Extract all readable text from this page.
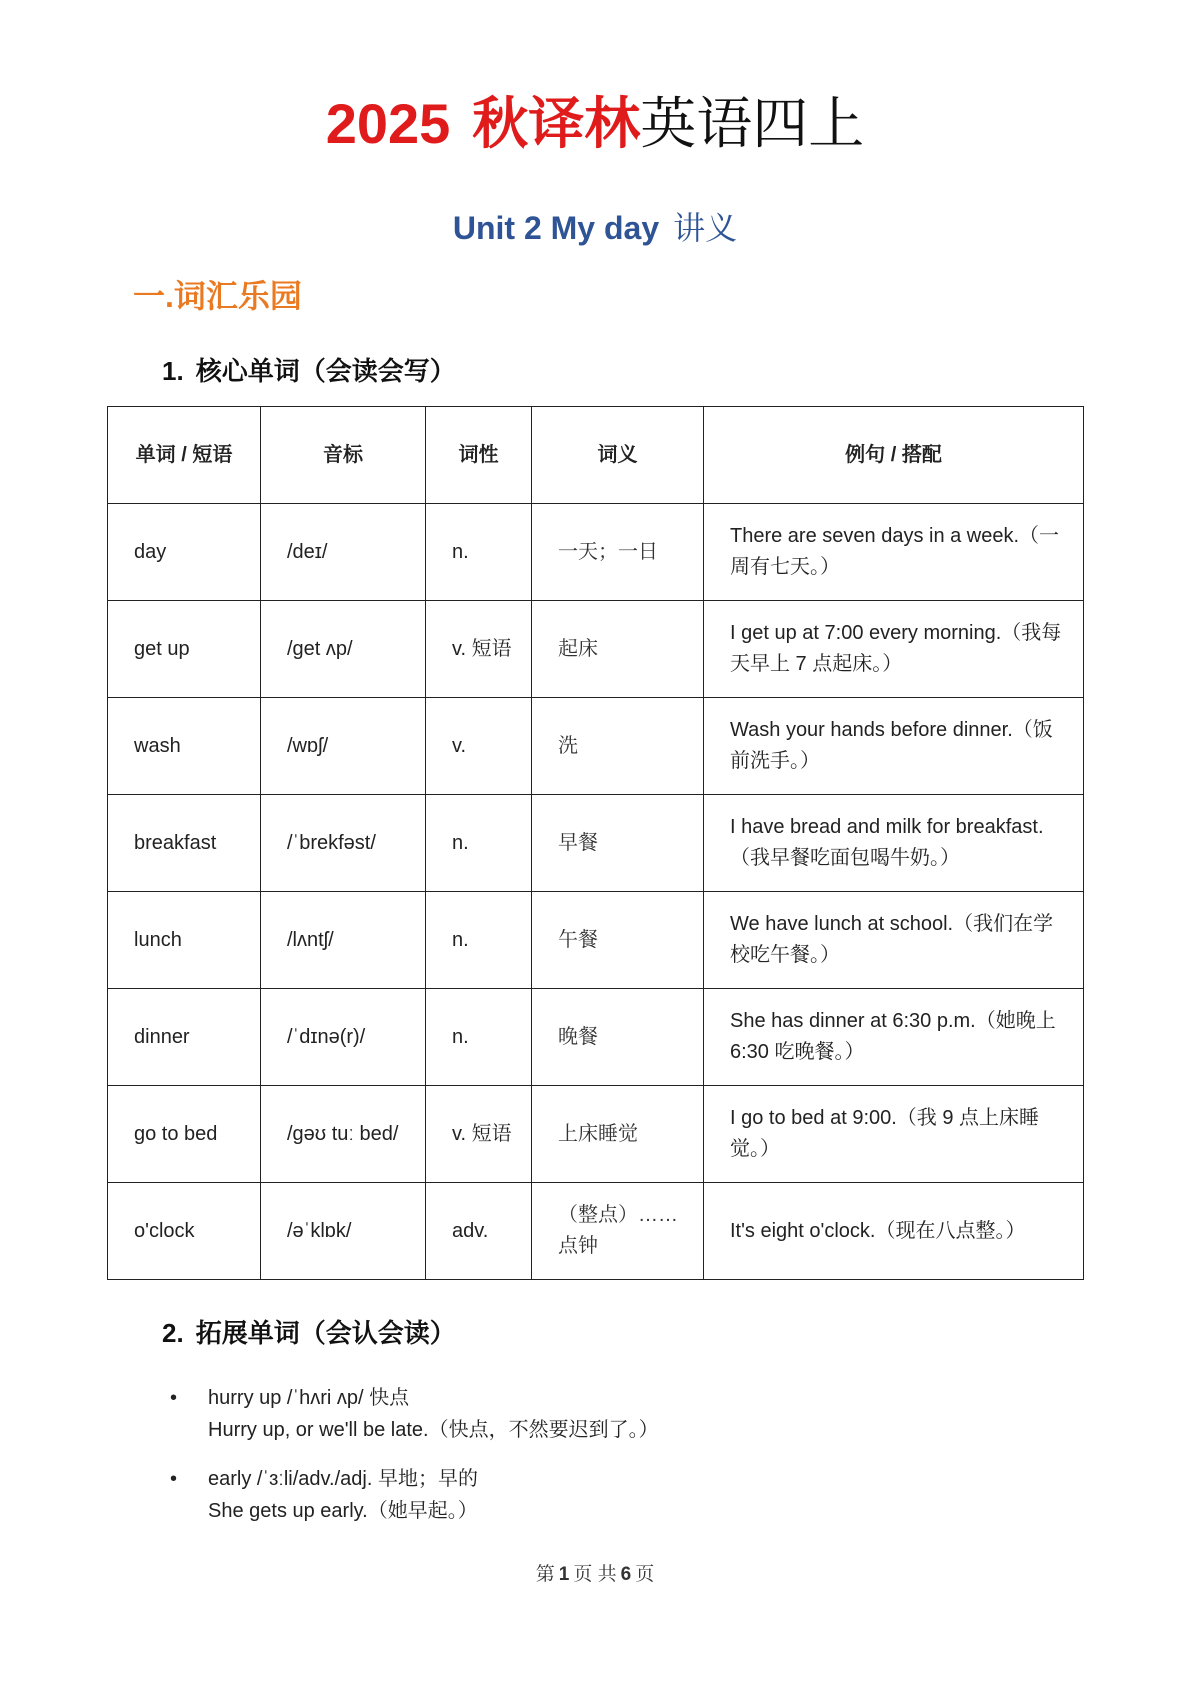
2025 秋译林英语四上
Unit 2 My day 讲义
一.词汇乐园
1. 核心单词（会读会写）
单词 / 短语	音标	词性	词义	例句 / 搭配
day	/deɪ/	n.	一天；一日	There are seven days in a week.（一周有七天。）
get up	/get ʌp/	v. 短语	起床	I get up at 7:00 every morning.（我每天早上 7 点起床。）
wash	/wɒʃ/	v.	洗	Wash your hands before dinner.（饭前洗手。）
breakfast	/ˈbrekfəst/	n.	早餐	I have bread and milk for breakfast.（我早餐吃面包喝牛奶。）
lunch	/lʌntʃ/	n.	午餐	We have lunch at school.（我们在学校吃午餐。）
dinner	/ˈdɪnə(r)/	n.	晚餐	She has dinner at 6:30 p.m.（她晚上 6:30 吃晚餐。）
go to bed	/ɡəʊ tuː bed/	v. 短语	上床睡觉	I go to bed at 9:00.（我 9 点上床睡觉。）
o'clock	/əˈklɒk/	adv.	（整点）……点钟	It's eight o'clock.（现在八点整。）
2. 拓展单词（会认会读）
• hurry up /ˈhʌri ʌp/ 快点
Hurry up, or we'll be late.（快点，不然要迟到了。）
• early /ˈɜːli/adv./adj. 早地；早的
She gets up early.（她早起。）
第 1 页 共 6 页
